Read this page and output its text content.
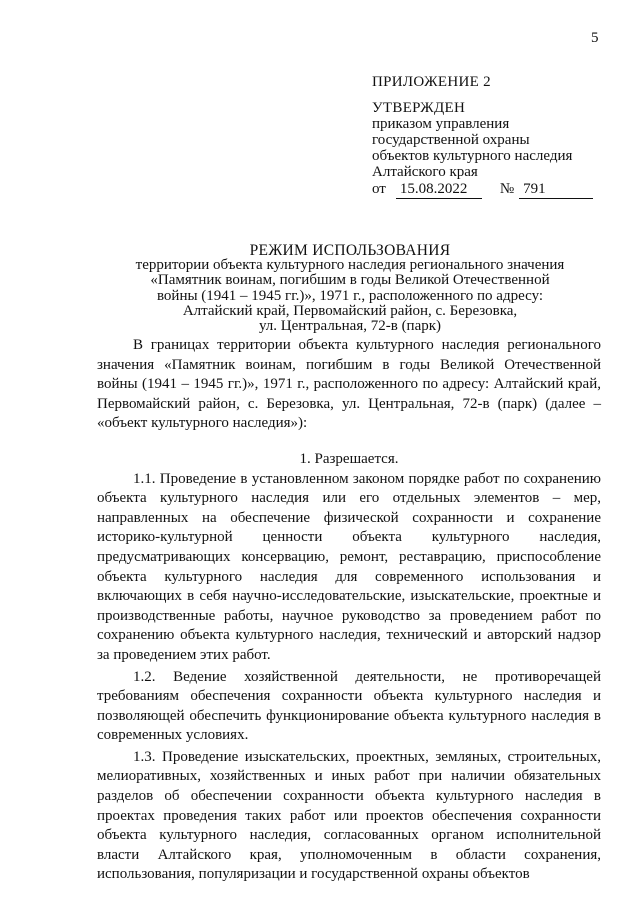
5
ПРИЛОЖЕНИЕ 2
УТВЕРЖДЕН
приказом управления
государственной охраны
объектов культурного наследия
Алтайского края
от 15.08.2022	№ 791
РЕЖИМ ИСПОЛЬЗОВАНИЯ
территории объекта культурного наследия регионального значения
«Памятник воинам, погибшим в годы Великой Отечественной
войны (1941 – 1945 гг.)», 1971 г., расположенного по адресу:
Алтайский край, Первомайский район, с. Березовка,
ул. Центральная, 72-в (парк)

В границах территории объекта культурного наследия регионального значения «Памятник воинам, погибшим в годы Великой Отечественной войны (1941 – 1945 гг.)», 1971 г., расположенного по адресу: Алтайский край, Первомайский район, с. Березовка, ул. Центральная, 72-в (парк) (далее – «объект культурного наследия»):

1. Разрешается.

1.1. Проведение в установленном законом порядке работ по сохранению объекта культурного наследия или его отдельных элементов – мер, направленных на обеспечение физической сохранности и сохранение историко-культурной ценности объекта культурного наследия, предусматривающих консервацию, ремонт, реставрацию, приспособление объекта культурного наследия для современного использования и включающих в себя научно-исследовательские, изыскательские, проектные и производственные работы, научное руководство за проведением работ по сохранению объекта культурного наследия, технический и авторский надзор за проведением этих работ.

1.2. Ведение хозяйственной деятельности, не противоречащей требованиям обеспечения сохранности объекта культурного наследия и позволяющей обеспечить функционирование объекта культурного наследия в современных условиях.

1.3. Проведение изыскательских, проектных, земляных, строительных, мелиоративных, хозяйственных и иных работ при наличии обязательных разделов об обеспечении сохранности объекта культурного наследия в проектах проведения таких работ или проектов обеспечения сохранности объекта культурного наследия, согласованных органом исполнительной власти Алтайского края, уполномоченным в области сохранения, использования, популяризации и государственной охраны объектов
